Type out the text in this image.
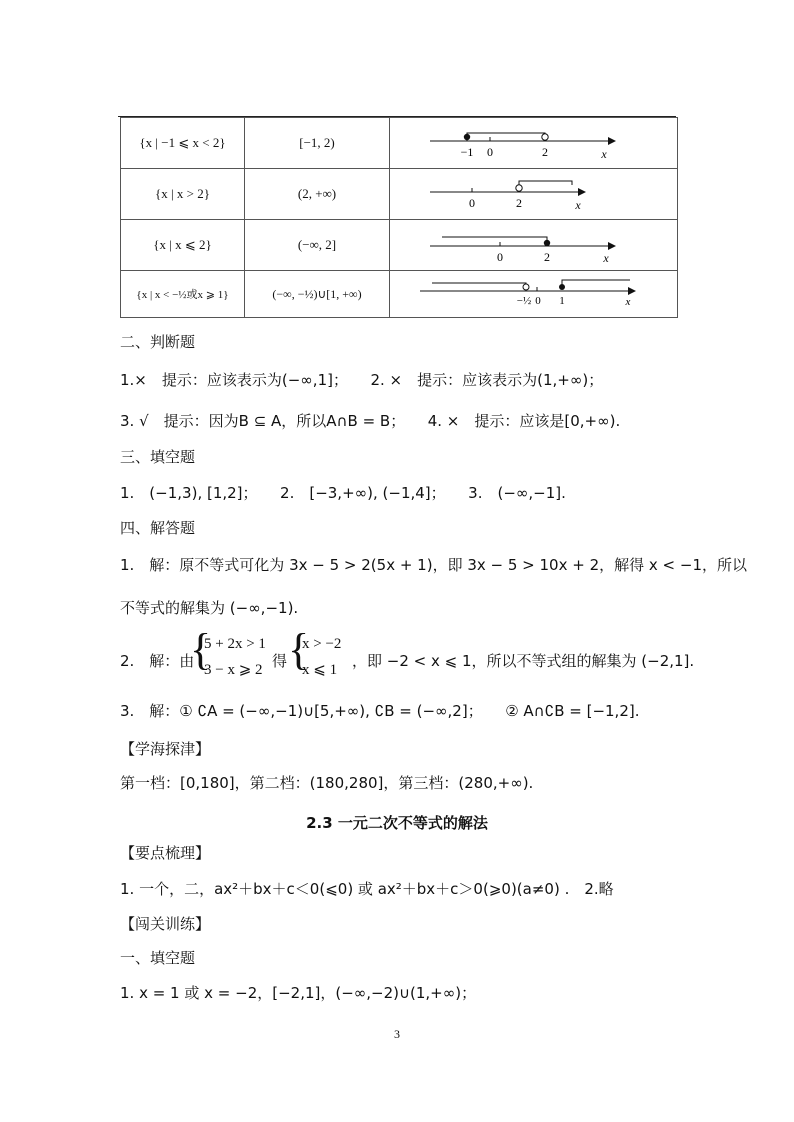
{x | −1 ⩽ x < 2}	[−1, 2)	−1 0 2 x

{x | x > 2}	(2, +∞)	0 2 x

{x | x ⩽ 2}	(−∞, 2]	0 2 x

{x | x < −½或x ⩾ 1}	(−∞, −½)∪[1, +∞)	−½ 0 1 x
二、判断题
1.×　提示：应该表示为(−∞,1]；　　2. ×　提示：应该表示为(1,+∞)；
3. √　提示：因为B ⊆ A，所以A∩B = B；　　4. ×　提示：应该是[0,+∞).
三、填空题
1.　(−1,3), [1,2]；　　2.　[−3,+∞), (−1,4]；　　3.　(−∞,−1].
四、解答题
1.　解：原不等式可化为 3x − 5 > 2(5x + 1)，即 3x − 5 > 10x + 2，解得 x < −1，所以
不等式的解集为 (−∞,−1).
2.　解：由
{
5 + 2x > 1
3 − x ⩾ 2 得 {
x > −2
x ⩽ 1 ，即 −2 < x ⩽ 1，所以不等式组的解集为 (−2,1].
3.　解：① ∁A = (−∞,−1)∪[5,+∞), ∁B = (−∞,2]；　　② A∩∁B = [−1,2].
【学海探津】
第一档：[0,180]，第二档：(180,280]，第三档：(280,+∞).
2.3 一元二次不等式的解法
【要点梳理】
1. 一个，二，ax²＋bx＋c＜0(⩽0) 或 ax²＋bx＋c＞0(⩾0)(a≠0) .　2.略
【闯关训练】
一、填空题
1. x = 1 或 x = −2，[−2,1]，(−∞,−2)∪(1,+∞)；
3
